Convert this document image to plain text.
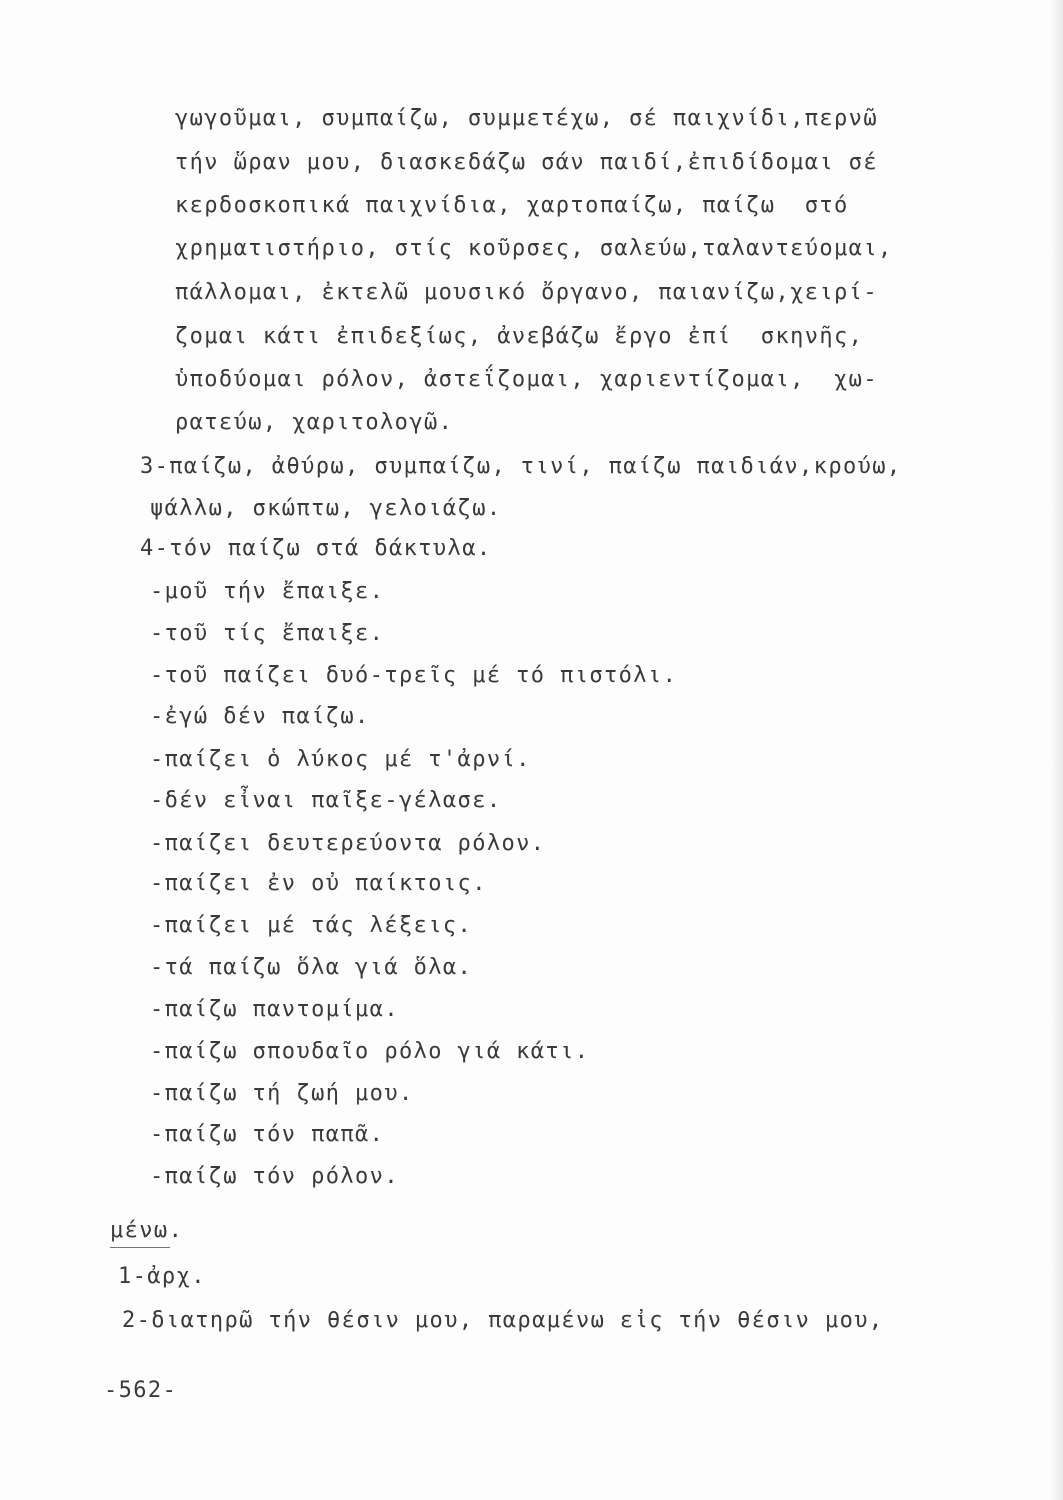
γωγοῦμαι, συμπαίζω, συμμετέχω, σέ παιχνίδι,περνῶ
τήν ὥραν μου, διασκεδάζω σάν παιδί,ἐπιδίδομαι σέ
κερδοσκοπικά παιχνίδια, χαρτοπαίζω, παίζω  στό
χρηματιστήριο, στίς κοῦρσες, σαλεύω,ταλαντεύομαι,
πάλλομαι, ἐκτελῶ μουσικό ὄργανο, παιανίζω,χειρί-
ζομαι κάτι ἐπιδεξίως, ἀνεβάζω ἔργο ἐπί  σκηνῆς,
ὑποδύομαι ρόλον, ἀστεΐζομαι, χαριεντίζομαι,  χω-
ρατεύω, χαριτολογῶ.
3-παίζω, ἀθύρω, συμπαίζω, τινί, παίζω παιδιάν,κρούω,
ψάλλω, σκώπτω, γελοιάζω.
4-τόν παίζω στά δάκτυλα.
-μοῦ τήν ἔπαιξε.
-τοῦ τίς ἔπαιξε.
-τοῦ παίζει δυό-τρεῖς μέ τό πιστόλι.
-ἐγώ δέν παίζω.
-παίζει ὁ λύκος μέ τ'ἀρνί.
-δέν εἶναι παῖξε-γέλασε.
-παίζει δευτερεύοντα ρόλον.
-παίζει ἐν οὐ παίκτοις.
-παίζει μέ τάς λέξεις.
-τά παίζω ὅλα γιά ὅλα.
-παίζω παντομίμα.
-παίζω σπουδαῖο ρόλο γιά κάτι.
-παίζω τή ζωή μου.
-παίζω τόν παπᾶ.
-παίζω τόν ρόλον.
μένω.
1-ἀρχ.
2-διατηρῶ τήν θέσιν μου, παραμένω εἰς τήν θέσιν μου,
-562-
